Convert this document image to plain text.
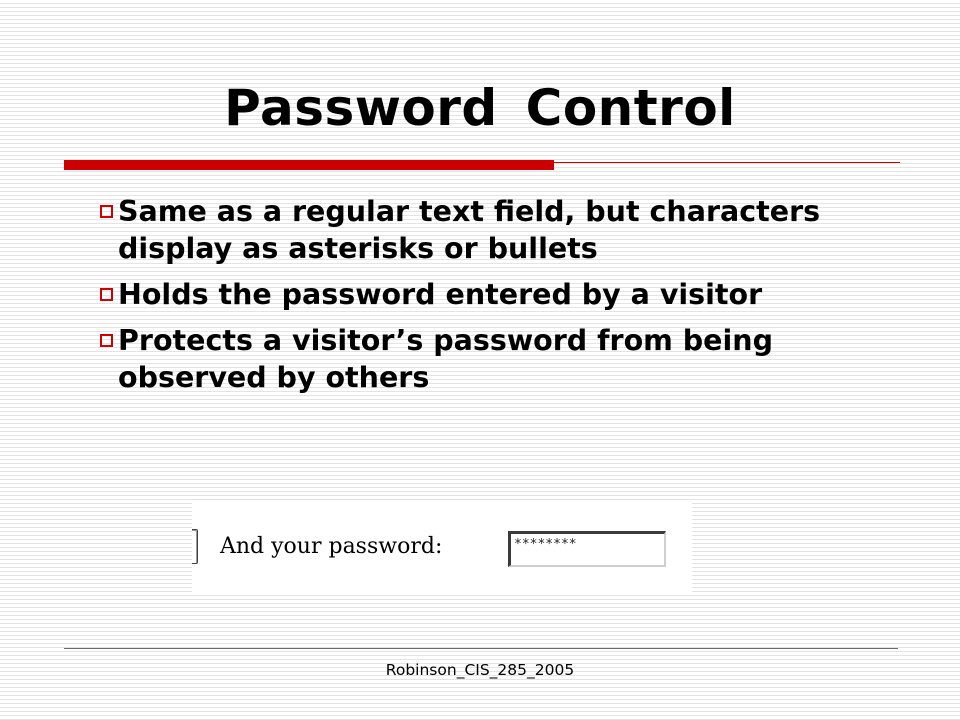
Password Control
Same as a regular text field, but characters display as asterisks or bullets
Holds the password entered by a visitor
Protects a visitor’s password from being observed by others
And your password:	********
Robinson_CIS_285_2005
